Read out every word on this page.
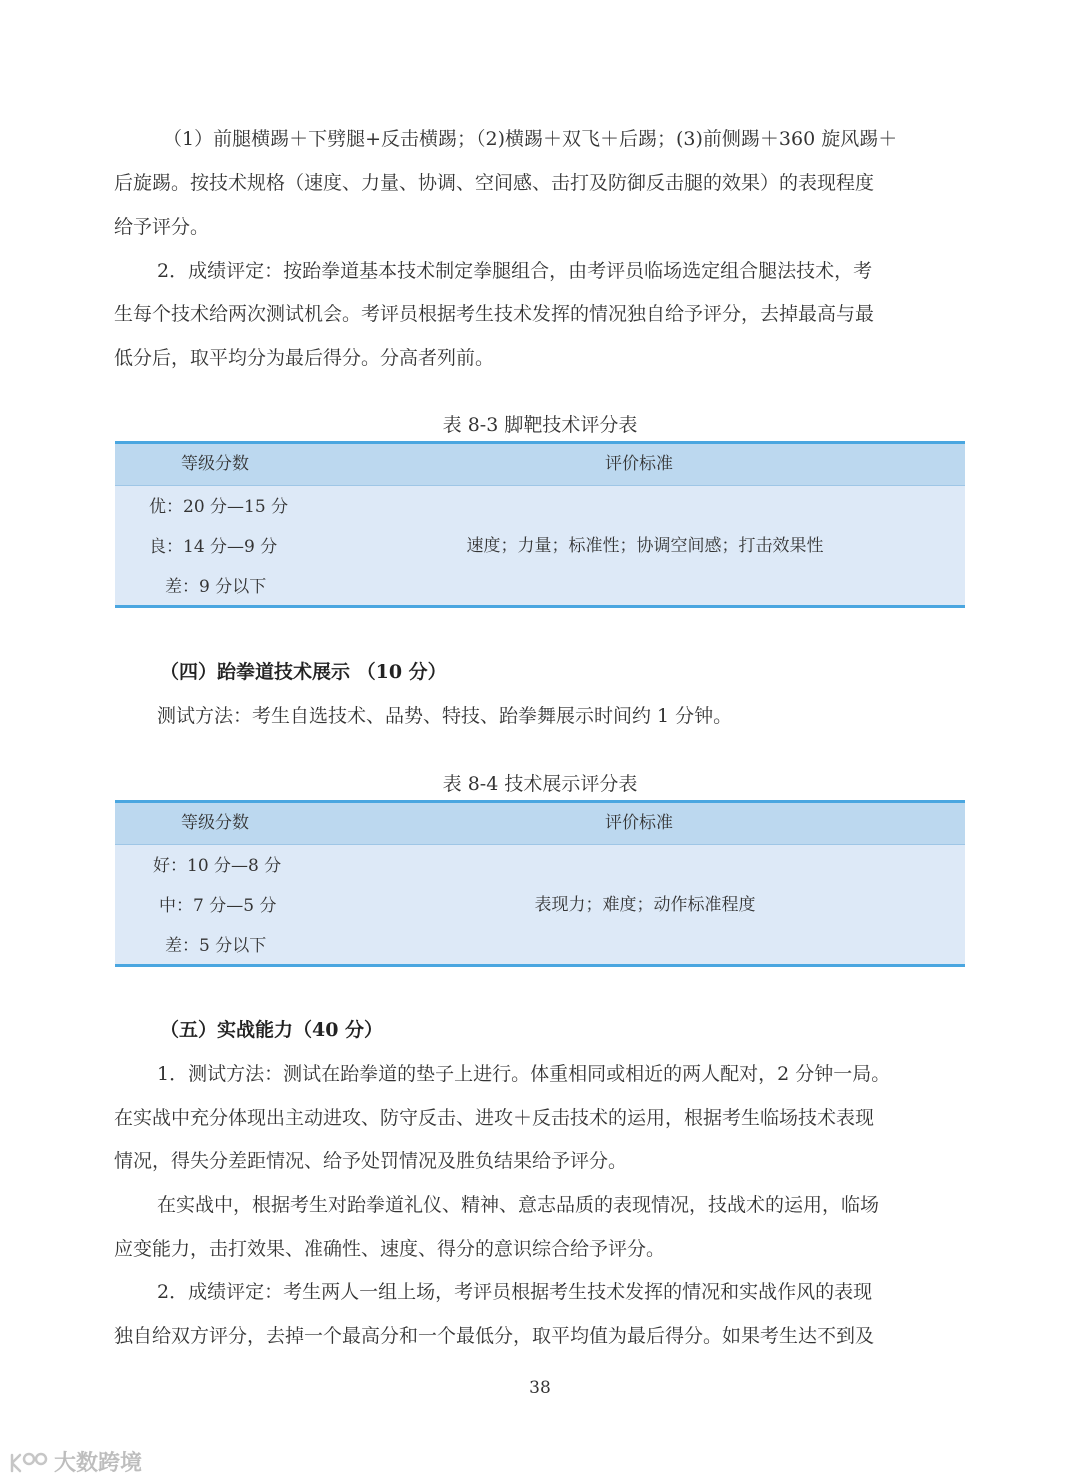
（1）前腿横踢＋下劈腿+反击横踢；（2)横踢＋双飞＋后踢；(3)前侧踢＋360 旋风踢＋
后旋踢。按技术规格（速度、力量、协调、空间感、击打及防御反击腿的效果）的表现程度
给予评分。
2．成绩评定：按跆拳道基本技术制定拳腿组合，由考评员临场选定组合腿法技术，考
生每个技术给两次测试机会。考评员根据考生技术发挥的情况独自给予评分，去掉最高与最
低分后，取平均分为最后得分。分高者列前。
表 8-3 脚靶技术评分表
等级分数	评价标准
优：20 分—15 分
良：14 分—9 分
差：9 分以下
速度；力量；标准性；协调空间感；打击效果性
（四）跆拳道技术展示 （10 分）
测试方法：考生自选技术、品势、特技、跆拳舞展示时间约 1 分钟。
表 8-4 技术展示评分表
等级分数	评价标准
好：10 分—8 分
中：7 分—5 分
差：5 分以下
表现力；难度；动作标准程度
（五）实战能力（40 分）
1．测试方法：测试在跆拳道的垫子上进行。体重相同或相近的两人配对，2 分钟一局。
在实战中充分体现出主动进攻、防守反击、进攻＋反击技术的运用，根据考生临场技术表现
情况，得失分差距情况、给予处罚情况及胜负结果给予评分。
在实战中，根据考生对跆拳道礼仪、精神、意志品质的表现情况，技战术的运用，临场
应变能力，击打效果、准确性、速度、得分的意识综合给予评分。
2．成绩评定：考生两人一组上场，考评员根据考生技术发挥的情况和实战作风的表现
独自给双方评分，去掉一个最高分和一个最低分，取平均值为最后得分。如果考生达不到及
38
大数跨境
